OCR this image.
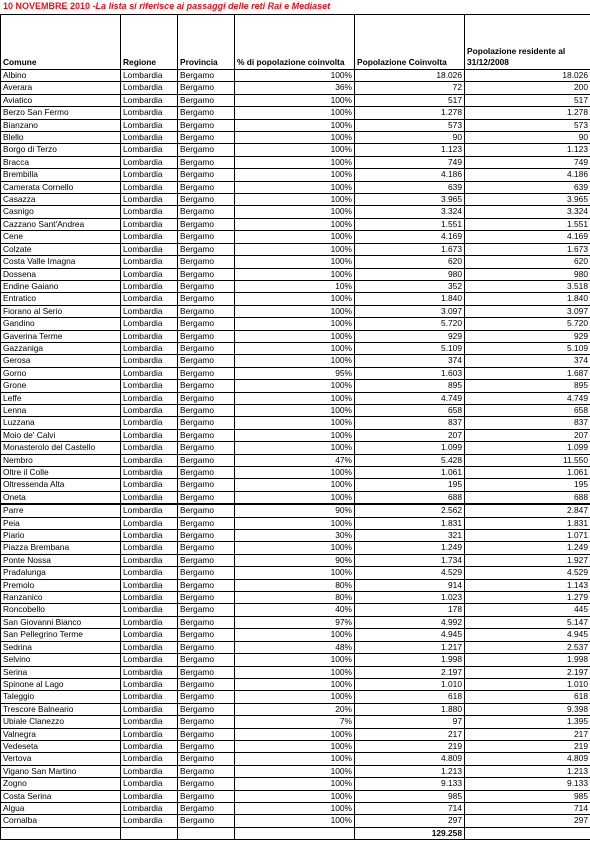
10 NOVEMBRE 2010 -La lista si riferisce ai passaggi delle reti Rai e Mediaset
Comune	Regione	Provincia	% di popolazione coinvolta	Popolazione Coinvolta	Popolazione residente al 31/12/2008
Albino	Lombardia	Bergamo	100%	18.026	18.026
Averara	Lombardia	Bergamo	36%	72	200
Aviatico	Lombardia	Bergamo	100%	517	517
Berzo San Fermo	Lombardia	Bergamo	100%	1.278	1.278
Bianzano	Lombardia	Bergamo	100%	573	573
Blello	Lombardia	Bergamo	100%	90	90
Borgo di Terzo	Lombardia	Bergamo	100%	1.123	1.123
Bracca	Lombardia	Bergamo	100%	749	749
Brembilla	Lombardia	Bergamo	100%	4.186	4.186
Camerata Cornello	Lombardia	Bergamo	100%	639	639
Casazza	Lombardia	Bergamo	100%	3.965	3.965
Casnigo	Lombardia	Bergamo	100%	3.324	3.324
Cazzano Sant'Andrea	Lombardia	Bergamo	100%	1.551	1.551
Cene	Lombardia	Bergamo	100%	4.169	4.169
Colzate	Lombardia	Bergamo	100%	1.673	1.673
Costa Valle Imagna	Lombardia	Bergamo	100%	620	620
Dossena	Lombardia	Bergamo	100%	980	980
Endine Gaiano	Lombardia	Bergamo	10%	352	3.518
Entratico	Lombardia	Bergamo	100%	1.840	1.840
Fiorano al Serio	Lombardia	Bergamo	100%	3.097	3.097
Gandino	Lombardia	Bergamo	100%	5.720	5.720
Gaverina Terme	Lombardia	Bergamo	100%	929	929
Gazzaniga	Lombardia	Bergamo	100%	5.109	5.109
Gerosa	Lombardia	Bergamo	100%	374	374
Gorno	Lombardia	Bergamo	95%	1.603	1.687
Grone	Lombardia	Bergamo	100%	895	895
Leffe	Lombardia	Bergamo	100%	4.749	4.749
Lenna	Lombardia	Bergamo	100%	658	658
Luzzana	Lombardia	Bergamo	100%	837	837
Moio de' Calvi	Lombardia	Bergamo	100%	207	207
Monasterolo del Castello	Lombardia	Bergamo	100%	1.099	1.099
Nembro	Lombardia	Bergamo	47%	5.428	11.550
Oltre il Colle	Lombardia	Bergamo	100%	1.061	1.061
Oltressenda Alta	Lombardia	Bergamo	100%	195	195
Oneta	Lombardia	Bergamo	100%	688	688
Parre	Lombardia	Bergamo	90%	2.562	2.847
Peia	Lombardia	Bergamo	100%	1.831	1.831
Piario	Lombardia	Bergamo	30%	321	1.071
Piazza Brembana	Lombardia	Bergamo	100%	1.249	1.249
Ponte Nossa	Lombardia	Bergamo	90%	1.734	1.927
Pradalunga	Lombardia	Bergamo	100%	4.529	4.529
Premolo	Lombardia	Bergamo	80%	914	1.143
Ranzanico	Lombardia	Bergamo	80%	1.023	1.279
Roncobello	Lombardia	Bergamo	40%	178	445
San Giovanni Bianco	Lombardia	Bergamo	97%	4.992	5.147
San Pellegrino Terme	Lombardia	Bergamo	100%	4.945	4.945
Sedrina	Lombardia	Bergamo	48%	1.217	2.537
Selvino	Lombardia	Bergamo	100%	1.998	1.998
Serina	Lombardia	Bergamo	100%	2.197	2.197
Spinone al Lago	Lombardia	Bergamo	100%	1.010	1.010
Taleggio	Lombardia	Bergamo	100%	618	618
Trescore Balneario	Lombardia	Bergamo	20%	1.880	9.398
Ubiale Clanezzo	Lombardia	Bergamo	7%	97	1.395
Valnegra	Lombardia	Bergamo	100%	217	217
Vedeseta	Lombardia	Bergamo	100%	219	219
Vertova	Lombardia	Bergamo	100%	4.809	4.809
Vigano San Martino	Lombardia	Bergamo	100%	1.213	1.213
Zogno	Lombardia	Bergamo	100%	9.133	9.133
Costa Serina	Lombardia	Bergamo	100%	985	985
Algua	Lombardia	Bergamo	100%	714	714
Cornalba	Lombardia	Bergamo	100%	297	297
				129.258	
